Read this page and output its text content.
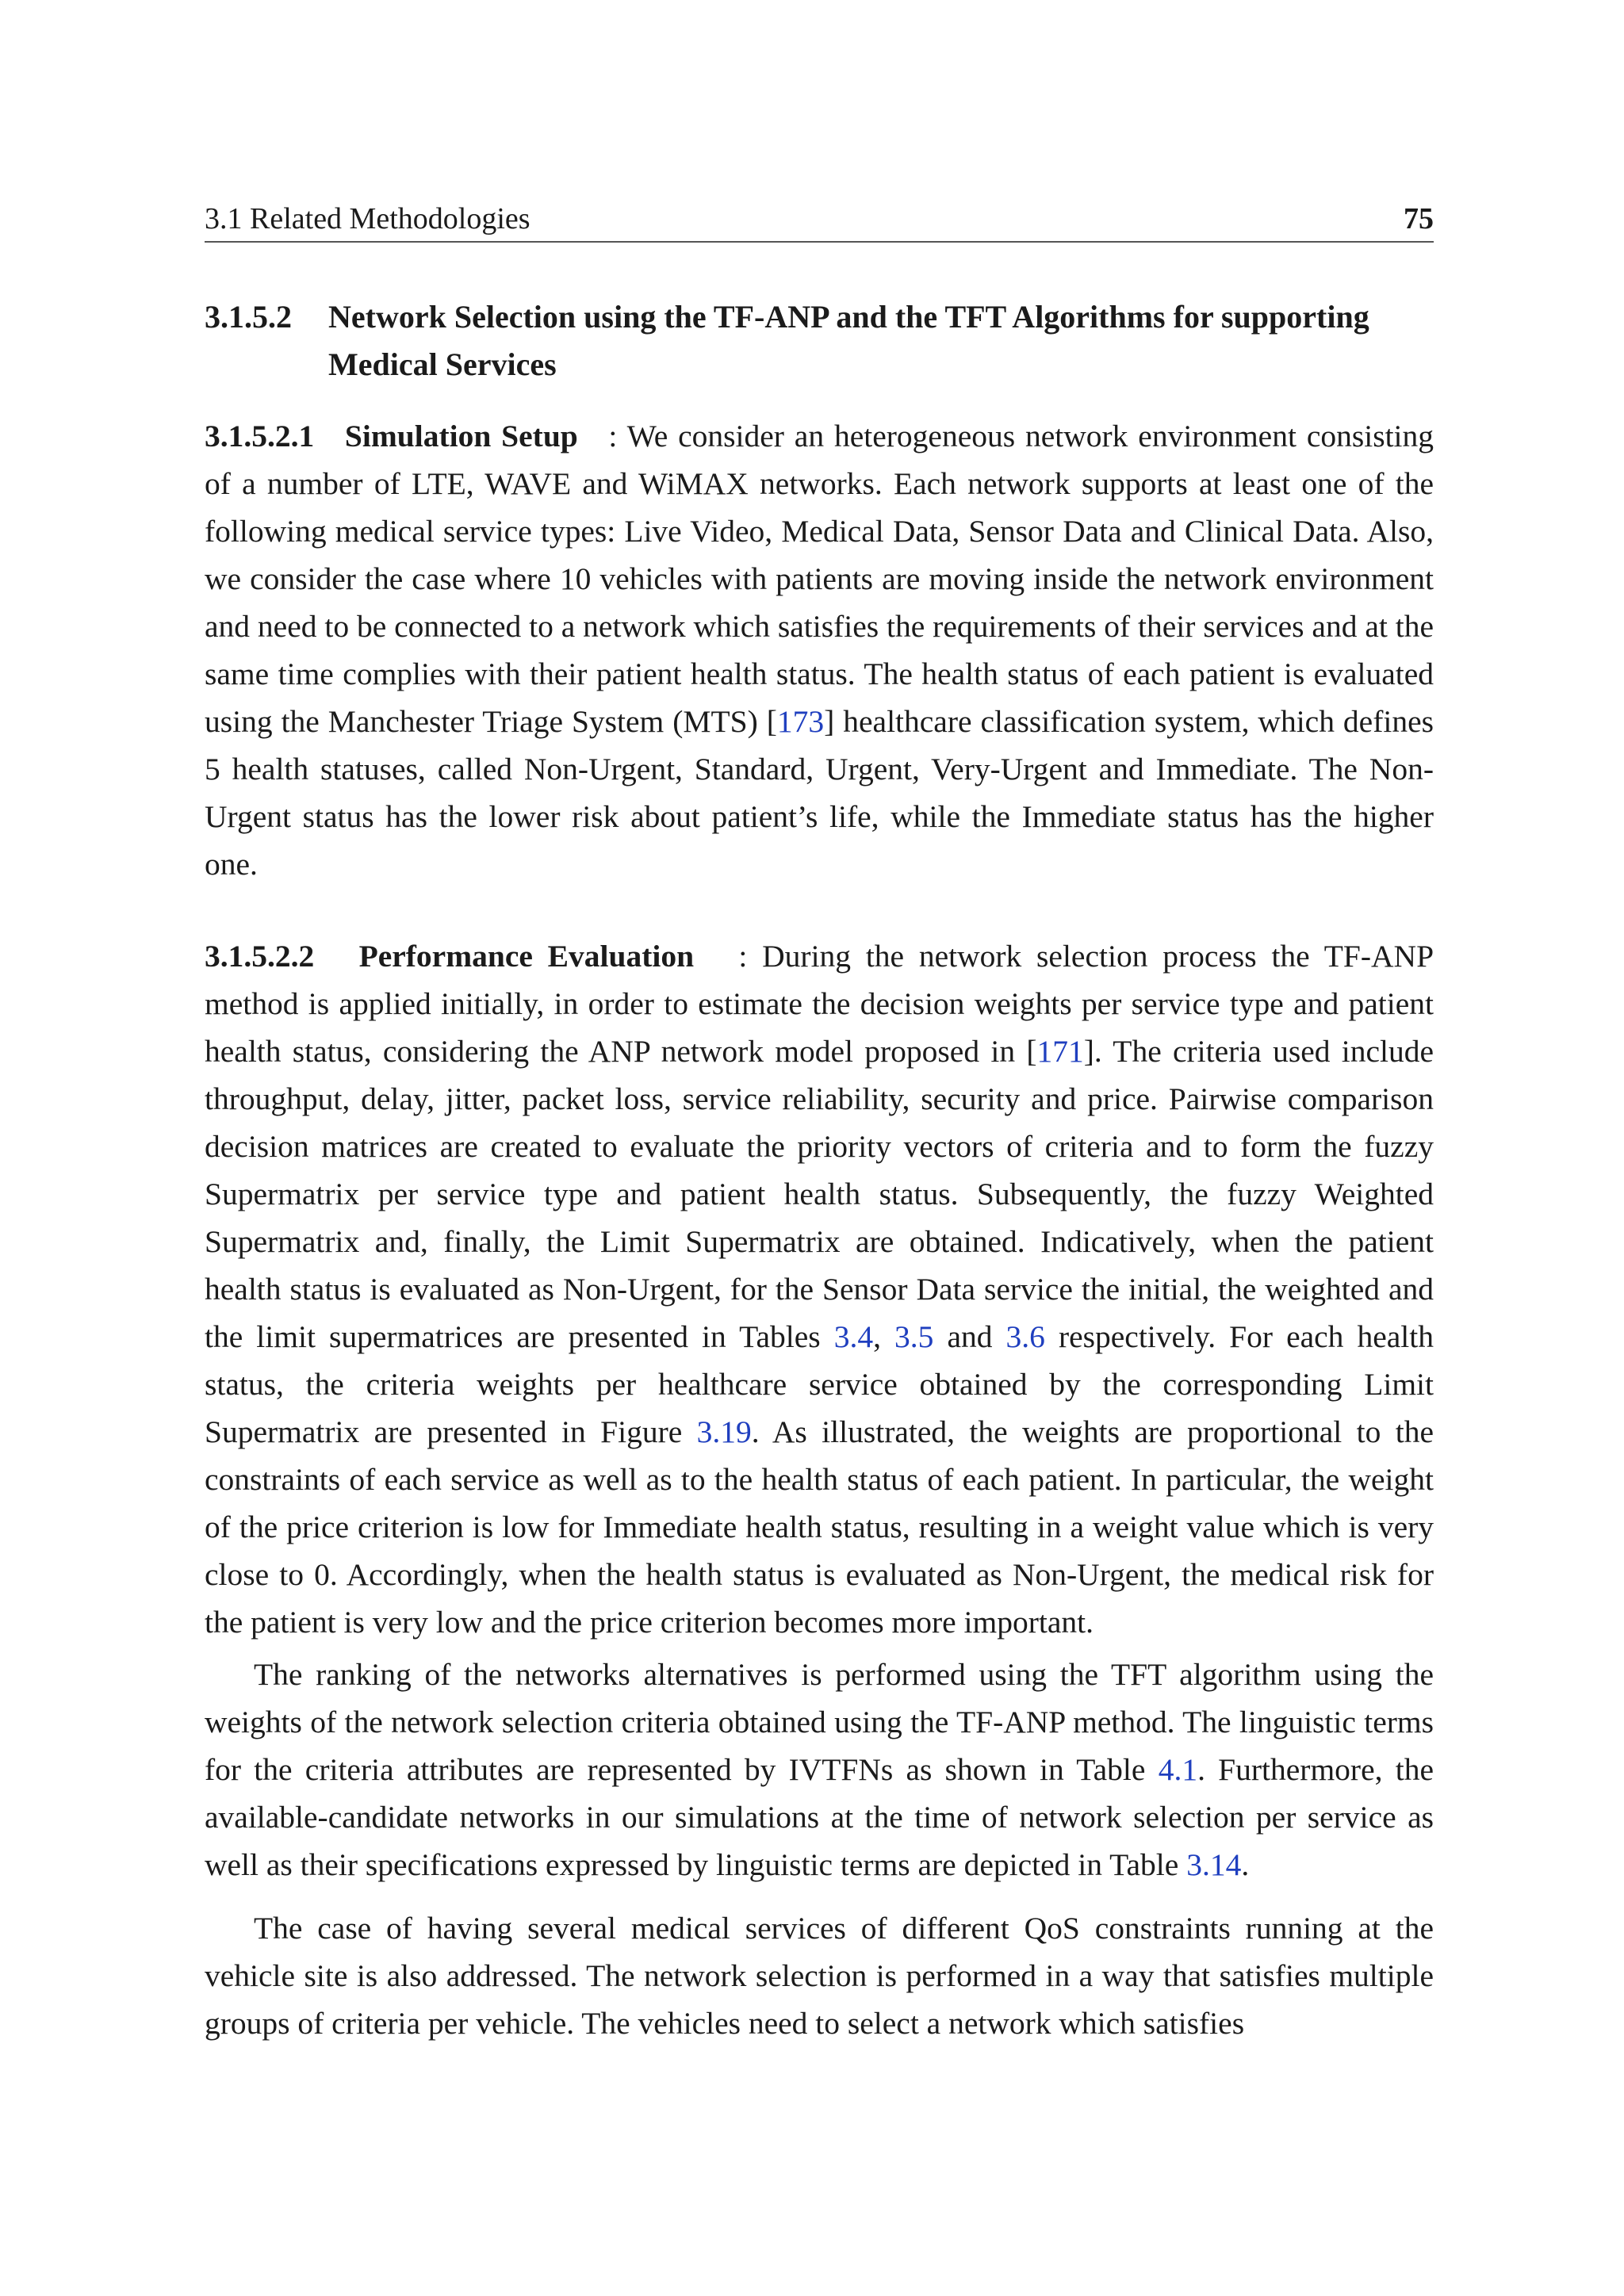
3.1 Related Methodologies	75
3.1.5.2 Network Selection using the TF-ANP and the TFT Algorithms for supporting Medical Services
3.1.5.2.1 Simulation Setup : We consider an heterogeneous network environment consisting of a number of LTE, WAVE and WiMAX networks. Each network supports at least one of the following medical service types: Live Video, Medical Data, Sensor Data and Clinical Data. Also, we consider the case where 10 vehicles with patients are moving inside the network environment and need to be connected to a network which satisfies the requirements of their services and at the same time complies with their patient health status. The health status of each patient is evaluated using the Manchester Triage System (MTS) [173] healthcare classification system, which defines 5 health statuses, called Non-Urgent, Standard, Urgent, Very-Urgent and Immediate. The Non-Urgent status has the lower risk about patient’s life, while the Immediate status has the higher one.
3.1.5.2.2 Performance Evaluation : During the network selection process the TF-ANP method is applied initially, in order to estimate the decision weights per service type and patient health status, considering the ANP network model proposed in [171]. The criteria used include throughput, delay, jitter, packet loss, service reliability, security and price. Pairwise comparison decision matrices are created to evaluate the priority vectors of criteria and to form the fuzzy Supermatrix per service type and patient health status. Subsequently, the fuzzy Weighted Supermatrix and, finally, the Limit Supermatrix are obtained. Indicatively, when the patient health status is evaluated as Non-Urgent, for the Sensor Data service the initial, the weighted and the limit supermatrices are presented in Tables 3.4, 3.5 and 3.6 respectively. For each health status, the criteria weights per healthcare service obtained by the corresponding Limit Supermatrix are presented in Figure 3.19. As illustrated, the weights are proportional to the constraints of each service as well as to the health status of each patient. In particular, the weight of the price criterion is low for Immediate health status, resulting in a weight value which is very close to 0. Accordingly, when the health status is evaluated as Non-Urgent, the medical risk for the patient is very low and the price criterion becomes more important.
The ranking of the networks alternatives is performed using the TFT algorithm using the weights of the network selection criteria obtained using the TF-ANP method. The linguistic terms for the criteria attributes are represented by IVTFNs as shown in Table 4.1. Furthermore, the available-candidate networks in our simulations at the time of network selection per service as well as their specifications expressed by linguistic terms are depicted in Table 3.14.
The case of having several medical services of different QoS constraints running at the vehicle site is also addressed. The network selection is performed in a way that satisfies multiple groups of criteria per vehicle. The vehicles need to select a network which satisfies
